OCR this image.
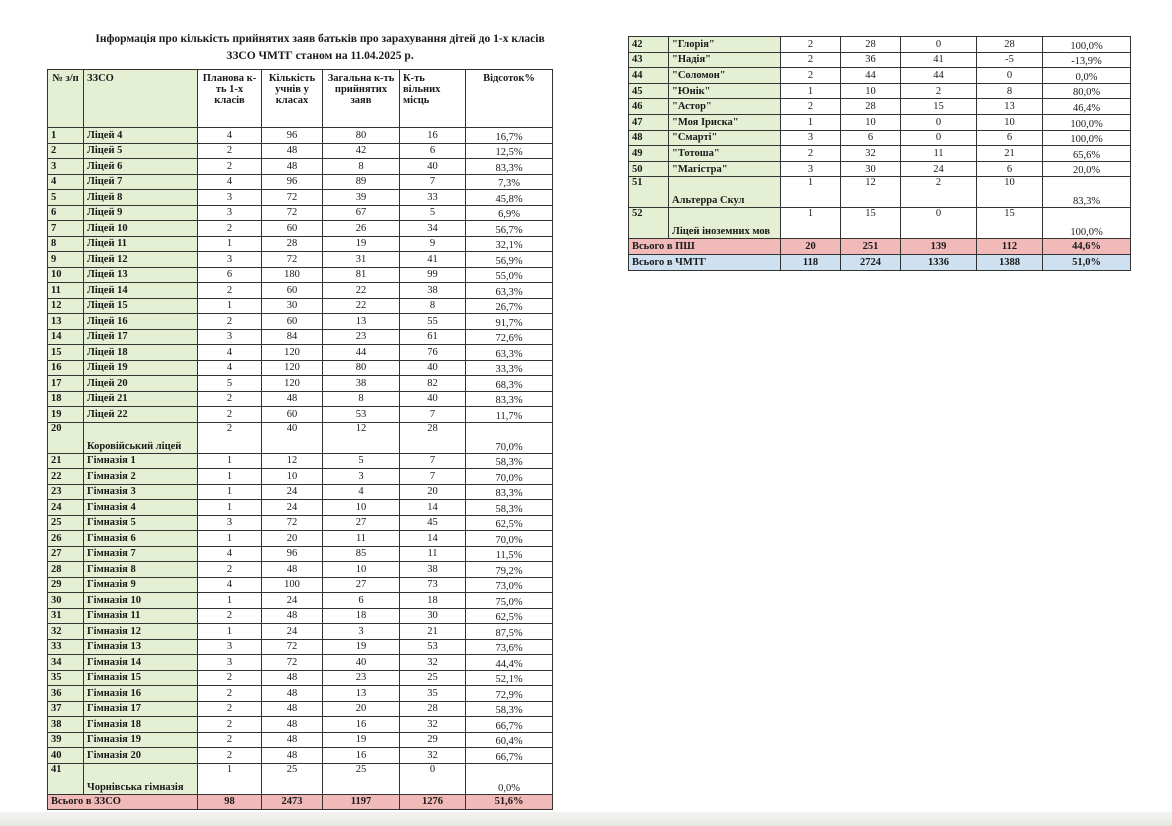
Інформація про кількість прийнятих заяв батьків про зарахування дітей до 1-х класів
ЗЗСО ЧМТГ станом на 11.04.2025 р.
№ з/п	ЗЗСО	Планова к-ть 1-х класів	Кількість учнів у класах	Загальна к-ть прийнятих заяв	К-ть вільних місць	Відсоток%
1	Ліцей 4	4	96	80	16	16,7%
2	Ліцей 5	2	48	42	6	12,5%
3	Ліцей 6	2	48	8	40	83,3%
4	Ліцей 7	4	96	89	7	7,3%
5	Ліцей 8	3	72	39	33	45,8%
6	Ліцей 9	3	72	67	5	6,9%
7	Ліцей 10	2	60	26	34	56,7%
8	Ліцей 11	1	28	19	9	32,1%
9	Ліцей 12	3	72	31	41	56,9%
10	Ліцей 13	6	180	81	99	55,0%
11	Ліцей 14	2	60	22	38	63,3%
12	Ліцей 15	1	30	22	8	26,7%
13	Ліцей 16	2	60	13	55	91,7%
14	Ліцей 17	3	84	23	61	72,6%
15	Ліцей 18	4	120	44	76	63,3%
16	Ліцей 19	4	120	80	40	33,3%
17	Ліцей 20	5	120	38	82	68,3%
18	Ліцей 21	2	48	8	40	83,3%
19	Ліцей 22	2	60	53	7	11,7%
20	Коровійський ліцей	2	40	12	28	70,0%
21	Гімназія 1	1	12	5	7	58,3%
22	Гімназія 2	1	10	3	7	70,0%
23	Гімназія 3	1	24	4	20	83,3%
24	Гімназія 4	1	24	10	14	58,3%
25	Гімназія 5	3	72	27	45	62,5%
26	Гімназія 6	1	20	11	14	70,0%
27	Гімназія 7	4	96	85	11	11,5%
28	Гімназія 8	2	48	10	38	79,2%
29	Гімназія 9	4	100	27	73	73,0%
30	Гімназія 10	1	24	6	18	75,0%
31	Гімназія 11	2	48	18	30	62,5%
32	Гімназія 12	1	24	3	21	87,5%
33	Гімназія 13	3	72	19	53	73,6%
34	Гімназія 14	3	72	40	32	44,4%
35	Гімназія 15	2	48	23	25	52,1%
36	Гімназія 16	2	48	13	35	72,9%
37	Гімназія 17	2	48	20	28	58,3%
38	Гімназія 18	2	48	16	32	66,7%
39	Гімназія 19	2	48	19	29	60,4%
40	Гімназія 20	2	48	16	32	66,7%
41	Чорнівська гімназія	1	25	25	0	0,0%
Всього в ЗЗСО		98	2473	1197	1276	51,6%
42	"Глорія"	2	28	0	28	100,0%
43	"Надія"	2	36	41	-5	-13,9%
44	"Соломон"	2	44	44	0	0,0%
45	"Юнік"	1	10	2	8	80,0%
46	"Астор"	2	28	15	13	46,4%
47	"Моя Іриска"	1	10	0	10	100,0%
48	"Смарті"	3	6	0	6	100,0%
49	"Тотоша"	2	32	11	21	65,6%
50	"Магістра"	3	30	24	6	20,0%
51	Альтерра Скул	1	12	2	10	83,3%
52	Ліцей іноземних мов	1	15	0	15	100,0%
Всього в ПШ		20	251	139	112	44,6%
Всього в ЧМТГ		118	2724	1336	1388	51,0%
